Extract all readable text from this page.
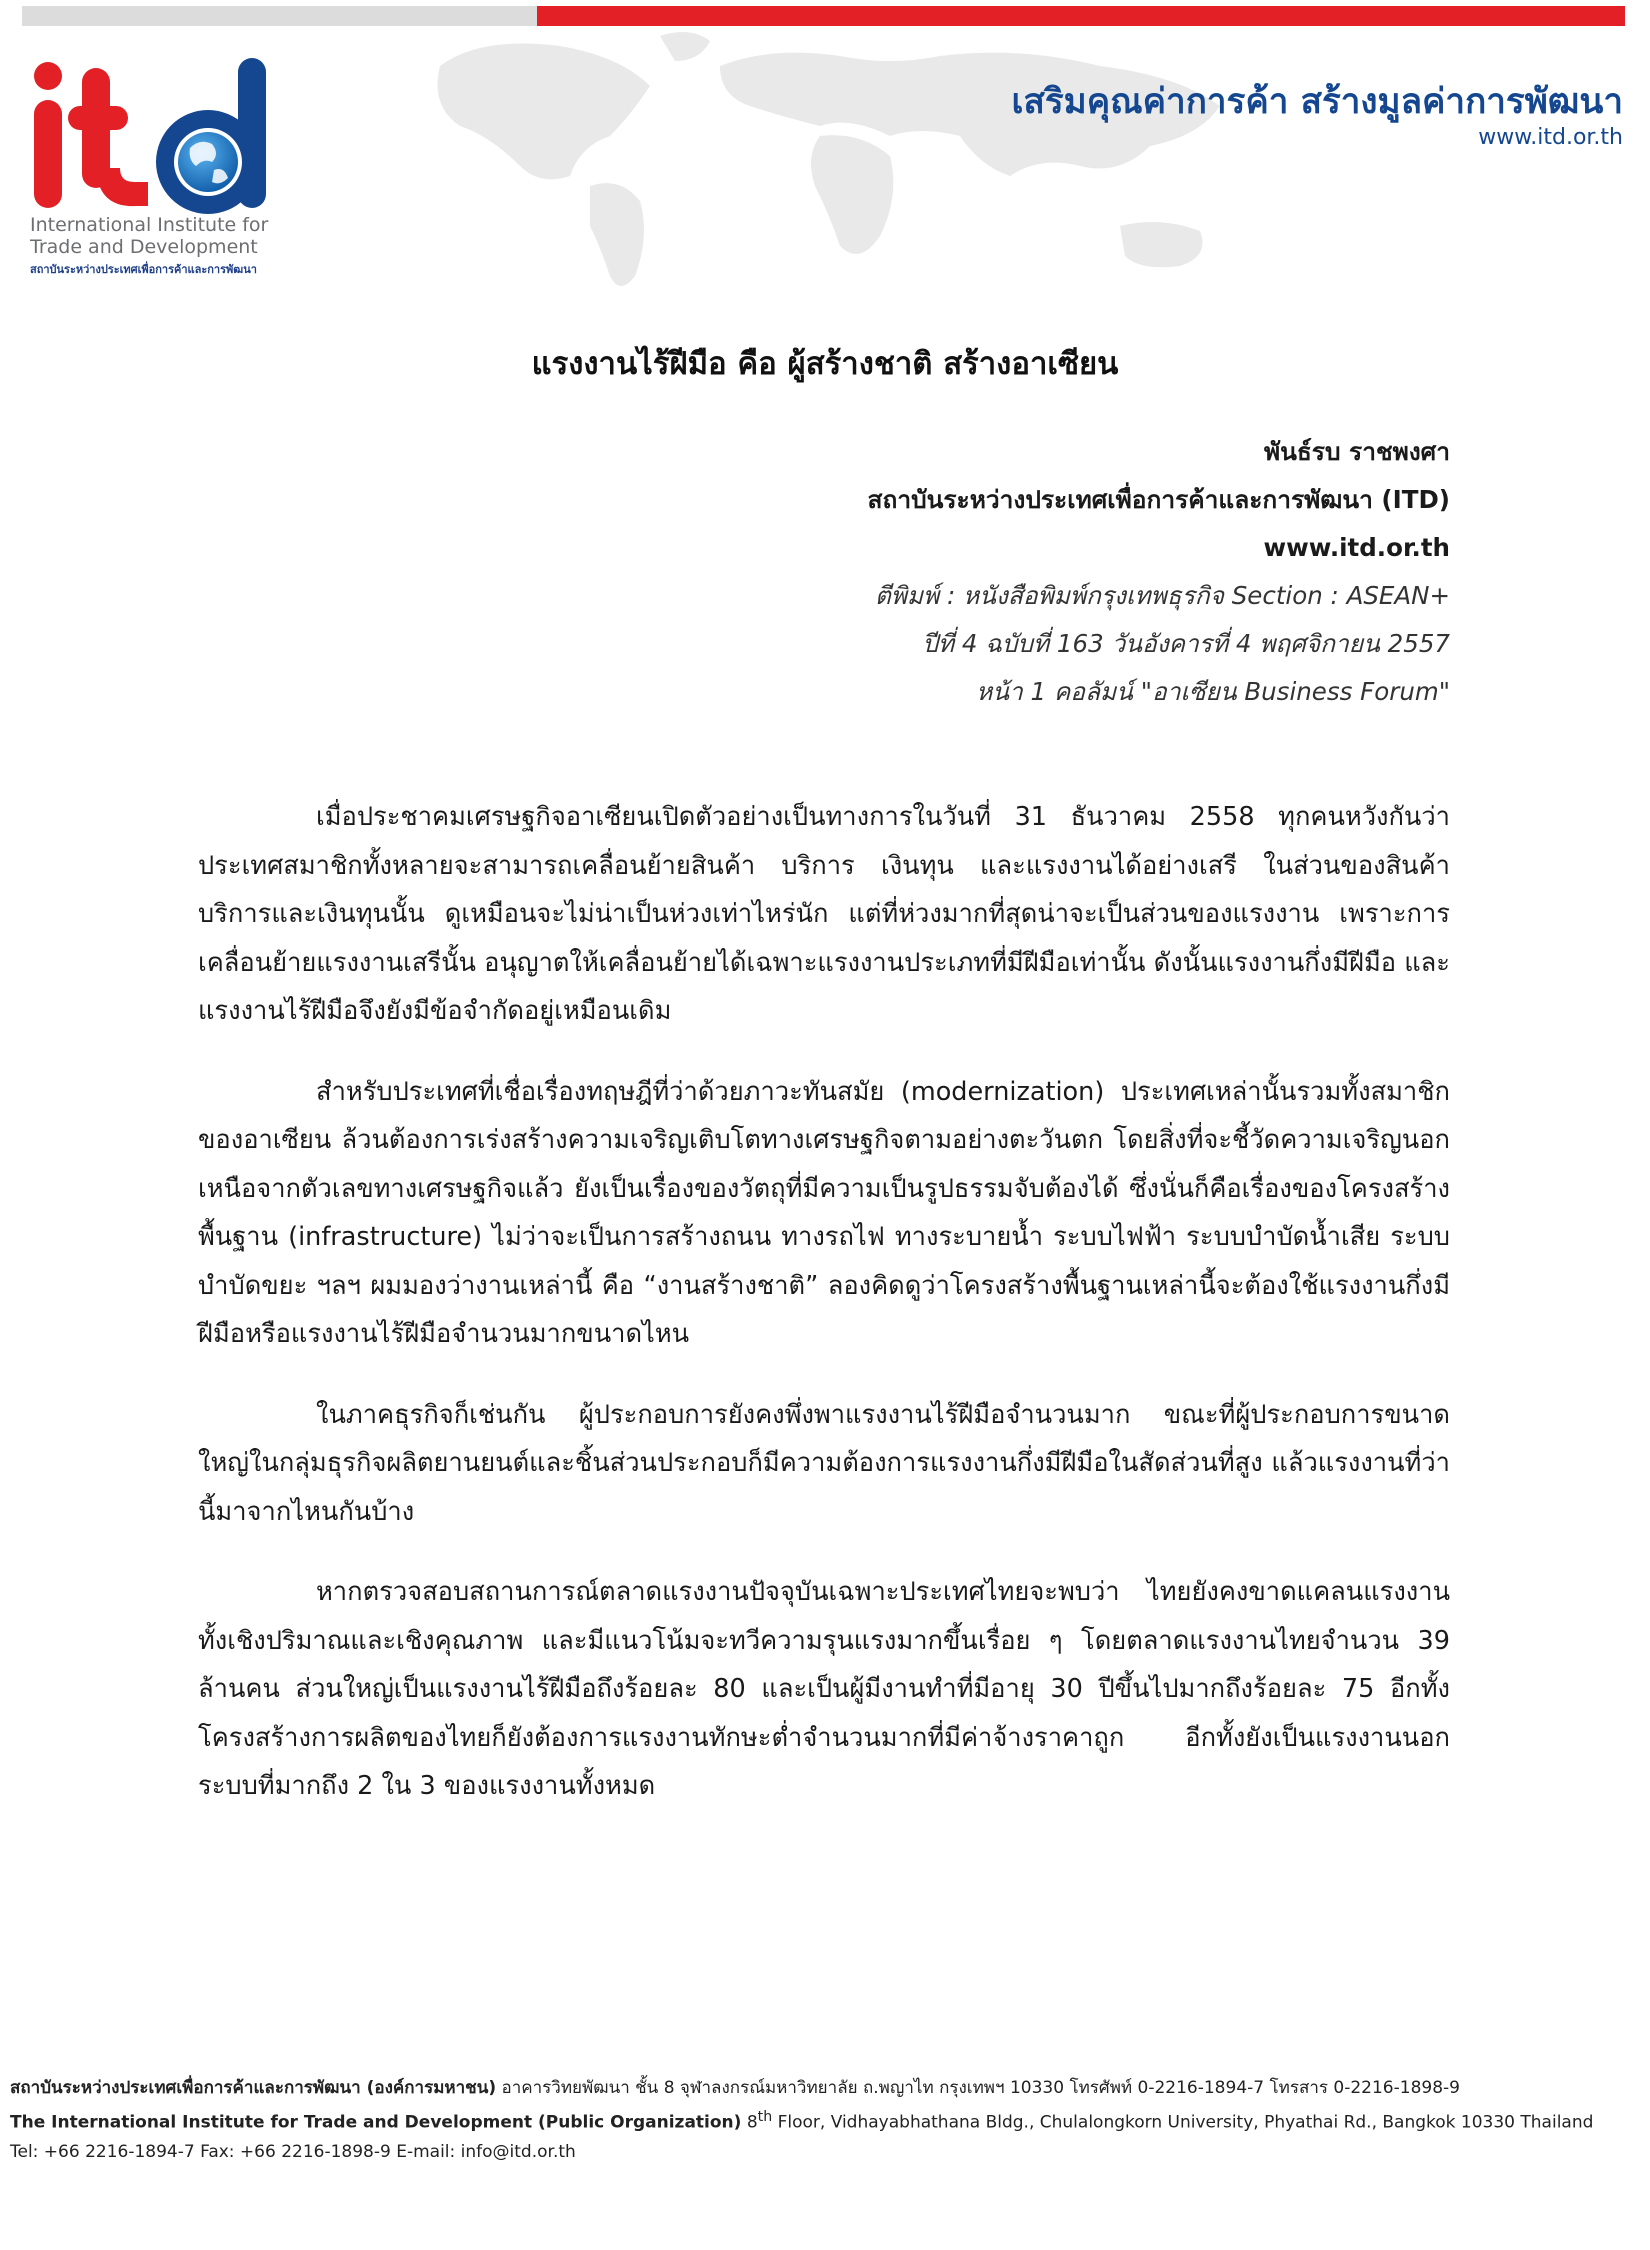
International Institute for
Trade and Development
สถาบันระหว่างประเทศเพื่อการค้าและการพัฒนา
เสริมคุณค่าการค้า สร้างมูลค่าการพัฒนา
www.itd.or.th
แรงงานไร้ฝีมือ คือ ผู้สร้างชาติ สร้างอาเซียน
พันธ์รบ ราชพงศา
สถาบันระหว่างประเทศเพื่อการค้าและการพัฒนา (ITD)
www.itd.or.th
ตีพิมพ์ : หนังสือพิมพ์กรุงเทพธุรกิจ Section : ASEAN+
ปีที่ 4 ฉบับที่ 163 วันอังคารที่ 4 พฤศจิกายน 2557
หน้า 1 คอลัมน์ "อาเซียน Business Forum"

เมื่อประชาคมเศรษฐกิจอาเซียนเปิดตัวอย่างเป็นทางการในวันที่ 31 ธันวาคม 2558 ทุกคนหวังกันว่า ประเทศสมาชิกทั้งหลายจะสามารถเคลื่อนย้ายสินค้า บริการ เงินทุน และแรงงานได้อย่างเสรี ในส่วนของสินค้า บริการและเงินทุนนั้น ดูเหมือนจะไม่น่าเป็นห่วงเท่าไหร่นัก แต่ที่ห่วงมากที่สุดน่าจะเป็นส่วนของแรงงาน เพราะการเคลื่อนย้ายแรงงานเสรีนั้น อนุญาตให้เคลื่อนย้ายได้เฉพาะแรงงานประเภทที่มีฝีมือเท่านั้น ดังนั้นแรงงานกึ่งมีฝีมือ และแรงงานไร้ฝีมือจึงยังมีข้อจำกัดอยู่เหมือนเดิม

สำหรับประเทศที่เชื่อเรื่องทฤษฎีที่ว่าด้วยภาวะทันสมัย (modernization) ประเทศเหล่านั้นรวมทั้งสมาชิกของอาเซียน ล้วนต้องการเร่งสร้างความเจริญเติบโตทางเศรษฐกิจตามอย่างตะวันตก โดยสิ่งที่จะชี้วัดความเจริญนอกเหนือจากตัวเลขทางเศรษฐกิจแล้ว ยังเป็นเรื่องของวัตถุที่มีความเป็นรูปธรรมจับต้องได้ ซึ่งนั่นก็คือเรื่องของโครงสร้างพื้นฐาน (infrastructure) ไม่ว่าจะเป็นการสร้างถนน ทางรถไฟ ทางระบายน้ำ ระบบไฟฟ้า ระบบบำบัดน้ำเสีย ระบบบำบัดขยะ ฯลฯ ผมมองว่างานเหล่านี้ คือ “งานสร้างชาติ” ลองคิดดูว่าโครงสร้างพื้นฐานเหล่านี้จะต้องใช้แรงงานกึ่งมีฝีมือหรือแรงงานไร้ฝีมือจำนวนมากขนาดไหน

ในภาคธุรกิจก็เช่นกัน ผู้ประกอบการยังคงพึ่งพาแรงงานไร้ฝีมือจำนวนมาก ขณะที่ผู้ประกอบการขนาดใหญ่ในกลุ่มธุรกิจผลิตยานยนต์และชิ้นส่วนประกอบก็มีความต้องการแรงงานกึ่งมีฝีมือในสัดส่วนที่สูง แล้วแรงงานที่ว่านี้มาจากไหนกันบ้าง

หากตรวจสอบสถานการณ์ตลาดแรงงานปัจจุบันเฉพาะประเทศไทยจะพบว่า ไทยยังคงขาดแคลนแรงงานทั้งเชิงปริมาณและเชิงคุณภาพ และมีแนวโน้มจะทวีความรุนแรงมากขึ้นเรื่อย ๆ โดยตลาดแรงงานไทยจำนวน 39 ล้านคน ส่วนใหญ่เป็นแรงงานไร้ฝีมือถึงร้อยละ 80 และเป็นผู้มีงานทำที่มีอายุ 30 ปีขึ้นไปมากถึงร้อยละ 75 อีกทั้งโครงสร้างการผลิตของไทยก็ยังต้องการแรงงานทักษะต่ำจำนวนมากที่มีค่าจ้างราคาถูก อีกทั้งยังเป็นแรงงานนอกระบบที่มากถึง 2 ใน 3 ของแรงงานทั้งหมด

สถาบันระหว่างประเทศเพื่อการค้าและการพัฒนา (องค์การมหาชน) อาคารวิทยพัฒนา ชั้น 8 จุฬาลงกรณ์มหาวิทยาลัย ถ.พญาไท กรุงเทพฯ 10330 โทรศัพท์ 0-2216-1894-7 โทรสาร 0-2216-1898-9
The International Institute for Trade and Development (Public Organization) 8th Floor, Vidhayabhathana Bldg., Chulalongkorn University, Phyathai Rd., Bangkok 10330 Thailand
Tel: +66 2216-1894-7 Fax: +66 2216-1898-9 E-mail: info@itd.or.th
